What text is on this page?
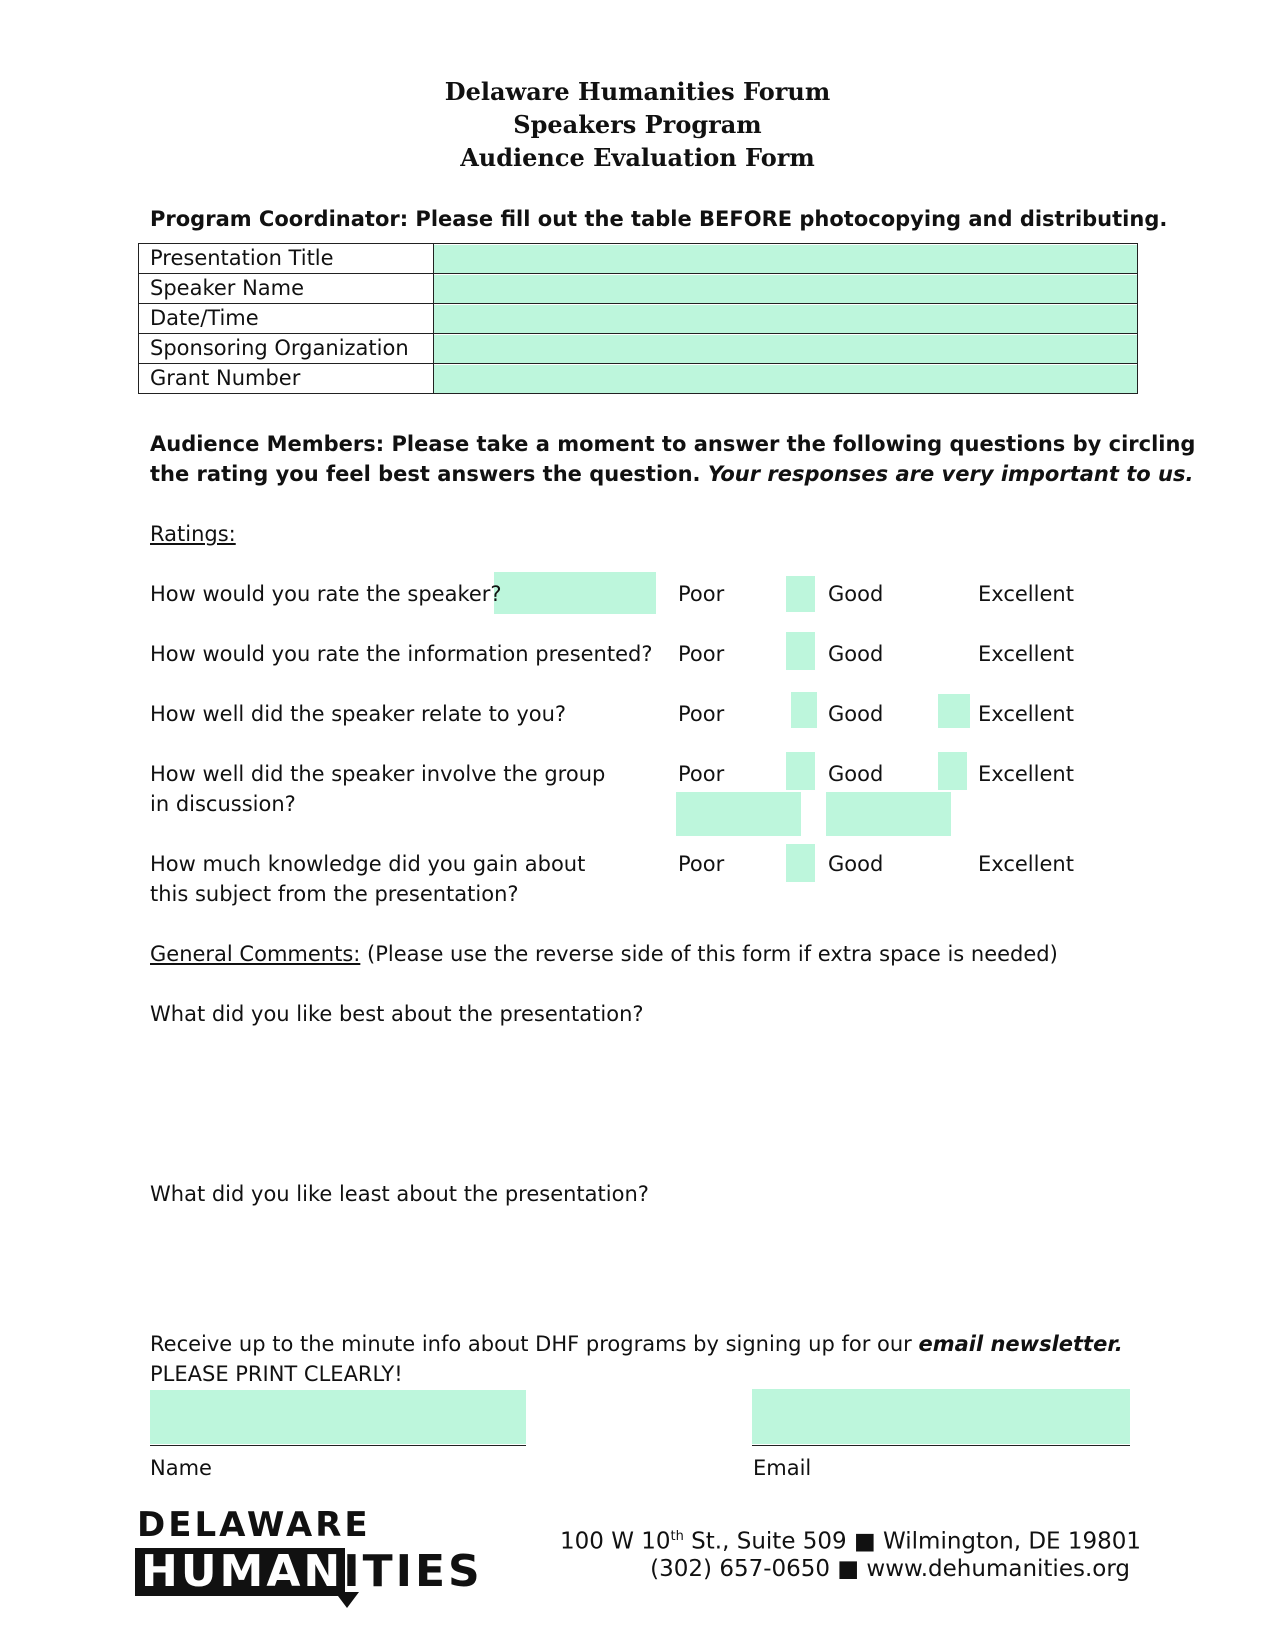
Delaware Humanities Forum
Speakers Program
Audience Evaluation Form
Program Coordinator: Please fill out the table BEFORE photocopying and distributing.
Presentation Title	

Speaker Name	

Date/Time	

Sponsoring Organization	

Grant Number	
Audience Members: Please take a moment to answer the following questions by circling
the rating you feel best answers the question. Your responses are very important to us.
Ratings:
How would you rate the speaker?	Poor	Good	Excellent
How would you rate the information presented? Poor	Good	Excellent
How well did the speaker relate to you?	Poor	Good	Excellent
How well did the speaker involve the group
in discussion?
Poor	Good	Excellent
How much knowledge did you gain about
this subject from the presentation?
Poor	Good	Excellent
General Comments: (Please use the reverse side of this form if extra space is needed)
What did you like best about the presentation?
What did you like least about the presentation?
Receive up to the minute info about DHF programs by signing up for our email newsletter.
PLEASE PRINT CLEARLY!
Name	Email
DELAWARE
HUMANITIES
100 W 10th St., Suite 509 ■ Wilmington, DE 19801
(302) 657-0650 ■ www.dehumanities.org
